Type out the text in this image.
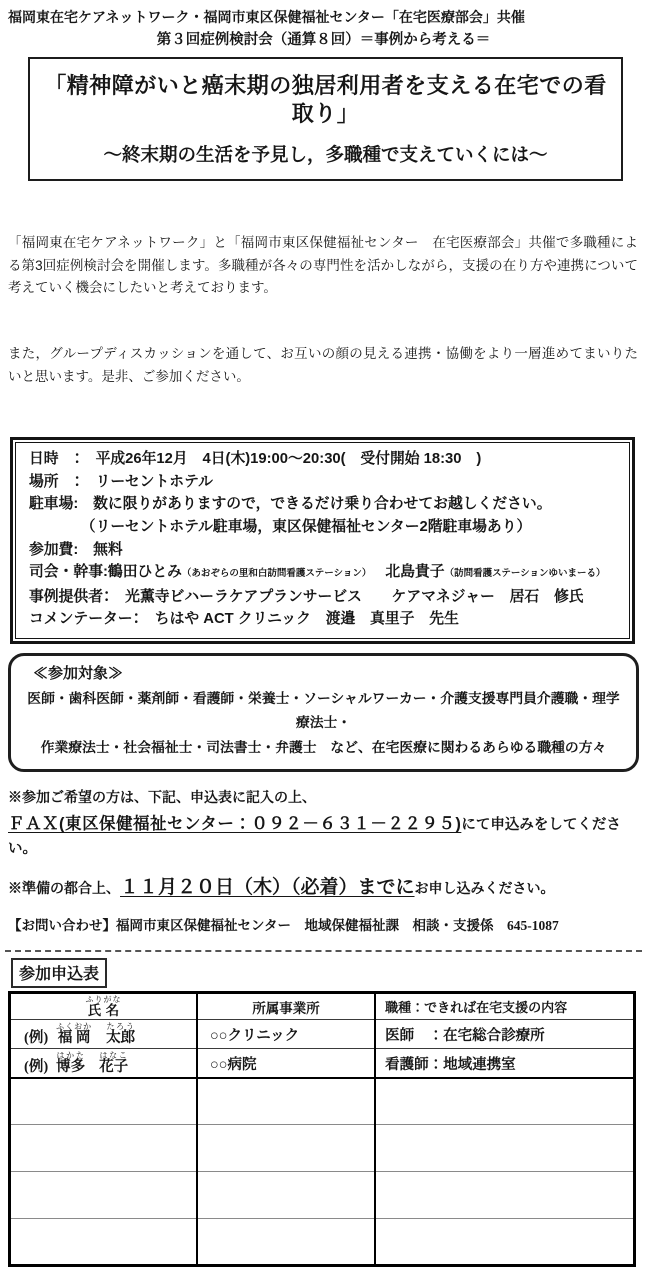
福岡東在宅ケアネットワーク・福岡市東区保健福祉センター「在宅医療部会」共催
第３回症例検討会（通算８回）＝事例から考える＝
「精神障がいと癌末期の独居利用者を支える在宅での看取り」
～終末期の生活を予見し，多職種で支えていくには～

「福岡東在宅ケアネットワーク」と「福岡市東区保健福祉センター　在宅医療部会」共催で多職種による第3回症例検討会を開催します。多職種が各々の専門性を活かしながら，支援の在り方や連携について考えていく機会にしたいと考えております。

また，グループディスカッションを通して、お互いの顔の見える連携・協働をより一層進めてまいりたいと思います。是非、ご参加ください。

日時　：　平成26年12月　4日(木)19:00～20:30(　受付開始 18:30　)
場所　：　リーセントホテル
駐車場:　数に限りがありますので，できるだけ乗り合わせてお越しください。
　　　　（リーセントホテル駐車場，東区保健福祉センター2階駐車場あり）
参加費:　無料
司会・幹事:鶴田ひとみ（あおぞらの里和白訪問看護ステーション） 北島貴子（訪問看護ステーションゆいまーる）
事例提供者：　光薫寺ビハーラケアプランサービス　　ケアマネジャー　居石　修氏
コメンテーター：　ちはや ACT クリニック　渡邉　真里子　先生
≪参加対象≫
医師・歯科医師・薬剤師・看護師・栄養士・ソーシャルワーカー・介護支援専門員介護職・理学療法士・
作業療法士・社会福祉士・司法書士・弁護士　など、在宅医療に関わるあらゆる職種の方々
※参加ご希望の方は、下記、申込表に記入の上、
ＦＡＸ(東区保健福祉センター：０９２－６３１－２２９５)にて申込みをしてください。
※準備の都合上、１１月２０日（木）（必着）までにお申し込みください。
【お問い合わせ】福岡市東区保健福祉センター　地域保健福祉課　相談・支援係　645-1087
参加申込表
氏名ふりがな	所属事業所	職種：できれば在宅支援の内容
(例) 福岡ふくおか太郎たろう	○○クリニック	医師　：在宅総合診療所
(例) 博多はかた花子はなこ	○○病院	看護師：地域連携室
